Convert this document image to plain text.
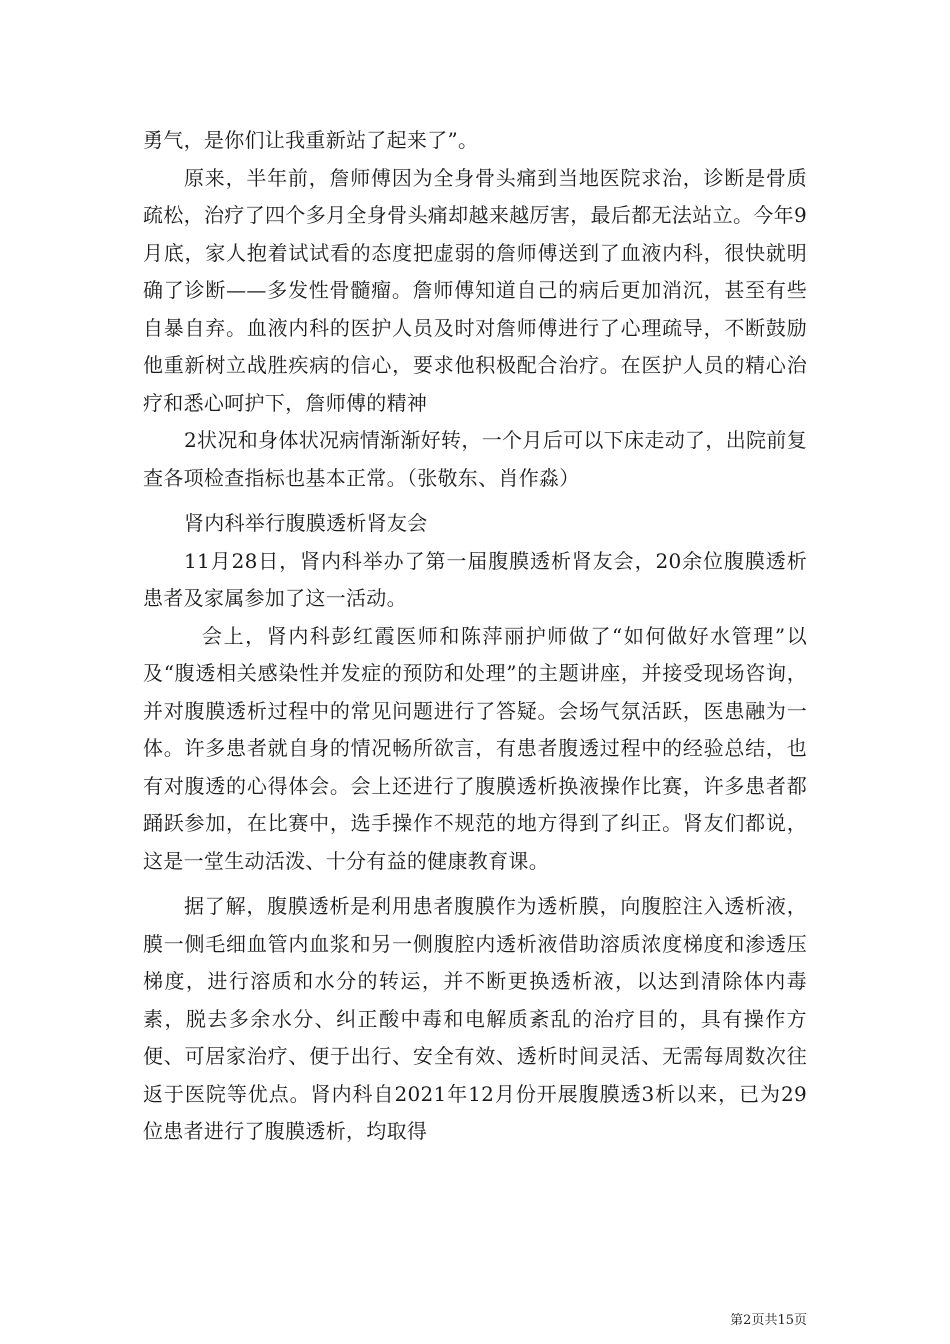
勇气，是你们让我重新站了起来了”。

原来，半年前，詹师傅因为全身骨头痛到当地医院求治，诊断是骨质疏松，治疗了四个多月全身骨头痛却越来越厉害，最后都无法站立。今年9月底，家人抱着试试看的态度把虚弱的詹师傅送到了血液内科，很快就明确了诊断——多发性骨髓瘤。詹师傅知道自己的病后更加消沉，甚至有些自暴自弃。血液内科的医护人员及时对詹师傅进行了心理疏导，不断鼓励他重新树立战胜疾病的信心，要求他积极配合治疗。在医护人员的精心治疗和悉心呵护下，詹师傅的精神

2状况和身体状况病情渐渐好转，一个月后可以下床走动了，出院前复查各项检查指标也基本正常。（张敬东、肖作淼）

肾内科举行腹膜透析肾友会

11月28日，肾内科举办了第一届腹膜透析肾友会，20余位腹膜透析患者及家属参加了这一活动。

会上，肾内科彭红霞医师和陈萍丽护师做了“如何做好水管理”以及“腹透相关感染性并发症的预防和处理”的主题讲座，并接受现场咨询，并对腹膜透析过程中的常见问题进行了答疑。会场气氛活跃，医患融为一体。许多患者就自身的情况畅所欲言，有患者腹透过程中的经验总结，也有对腹透的心得体会。会上还进行了腹膜透析换液操作比赛，许多患者都踊跃参加，在比赛中，选手操作不规范的地方得到了纠正。肾友们都说，这是一堂生动活泼、十分有益的健康教育课。

据了解，腹膜透析是利用患者腹膜作为透析膜，向腹腔注入透析液，膜一侧毛细血管内血浆和另一侧腹腔内透析液借助溶质浓度梯度和渗透压梯度，进行溶质和水分的转运，并不断更换透析液，以达到清除体内毒素，脱去多余水分、纠正酸中毒和电解质紊乱的治疗目的，具有操作方便、可居家治疗、便于出行、安全有效、透析时间灵活、无需每周数次往返于医院等优点。肾内科自2021年12月份开展腹膜透3析以来，已为29位患者进行了腹膜透析，均取得

第2页共15页
